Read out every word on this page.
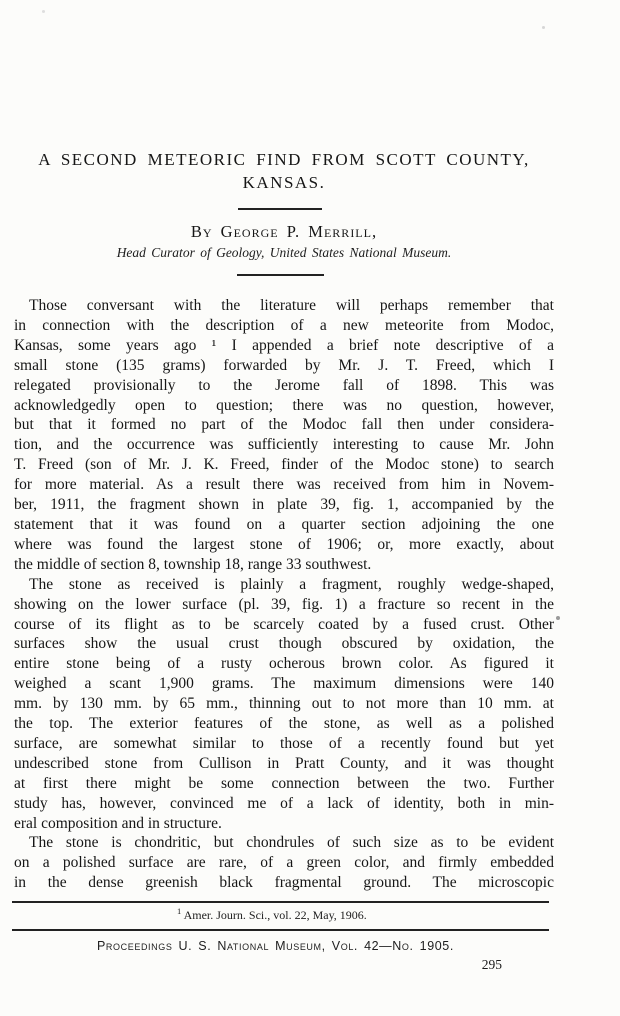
A SECOND METEORIC FIND FROM SCOTT COUNTY,
KANSAS.
By George P. Merrill,
Head Curator of Geology, United States National Museum.
Those conversant with the literature will perhaps remember that
in connection with the description of a new meteorite from Modoc,
Kansas, some years ago ¹ I appended a brief note descriptive of a
small stone (135 grams) forwarded by Mr. J. T. Freed, which I
relegated provisionally to the Jerome fall of 1898. This was
acknowledgedly open to question; there was no question, however,
but that it formed no part of the Modoc fall then under considera-
tion, and the occurrence was sufficiently interesting to cause Mr. John
T. Freed (son of Mr. J. K. Freed, finder of the Modoc stone) to search
for more material. As a result there was received from him in Novem-
ber, 1911, the fragment shown in plate 39, fig. 1, accompanied by the
statement that it was found on a quarter section adjoining the one
where was found the largest stone of 1906; or, more exactly, about
the middle of section 8, township 18, range 33 southwest.
The stone as received is plainly a fragment, roughly wedge-shaped,
showing on the lower surface (pl. 39, fig. 1) a fracture so recent in the
course of its flight as to be scarcely coated by a fused crust. Other
surfaces show the usual crust though obscured by oxidation, the
entire stone being of a rusty ocherous brown color. As figured it
weighed a scant 1,900 grams. The maximum dimensions were 140
mm. by 130 mm. by 65 mm., thinning out to not more than 10 mm. at
the top. The exterior features of the stone, as well as a polished
surface, are somewhat similar to those of a recently found but yet
undescribed stone from Cullison in Pratt County, and it was thought
at first there might be some connection between the two. Further
study has, however, convinced me of a lack of identity, both in min-
eral composition and in structure.
The stone is chondritic, but chondrules of such size as to be evident
on a polished surface are rare, of a green color, and firmly embedded
in the dense greenish black fragmental ground. The microscopic
$^1$ Amer. Journ. Sci., vol. 22, May, 1906.
Proceedings U. S. National Museum, Vol. 42—No. 1905.
295
